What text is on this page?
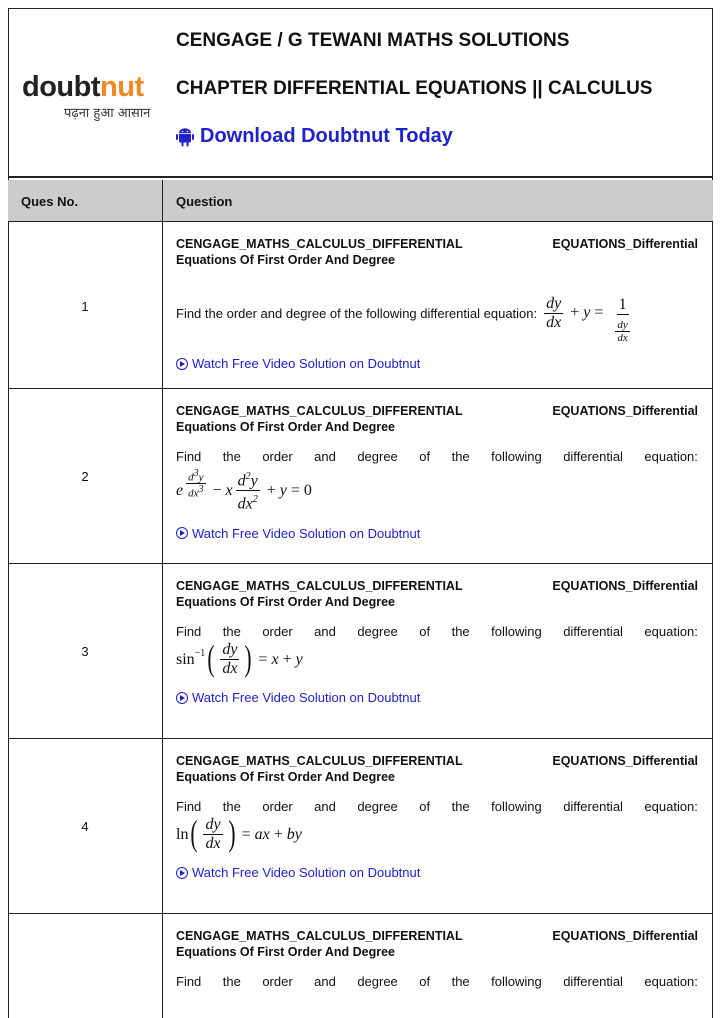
doubtnut
पढ़ना हुआ आसान
CENGAGE / G TEWANI MATHS SOLUTIONS
CHAPTER DIFFERENTIAL EQUATIONS || CALCULUS
Download Doubtnut Today
Ques No.	Question
1
CENGAGE_MATHS_CALCULUS_DIFFERENTIAL	EQUATIONS_Differential
Equations Of First Order And Degree
Find the order and degree of the following differential equation: $\frac{dy}{dx} + y = \frac{1}{\frac{dy}{dx}}$
Watch Free Video Solution on Doubtnut
2
CENGAGE_MATHS_CALCULUS_DIFFERENTIAL	EQUATIONS_Differential
Equations Of First Order And Degree
Find the order and degree of the following differential equation:
e $\frac{d^3y}{dx^3} - x \frac{d^2y}{dx^2} + y = 0$
Watch Free Video Solution on Doubtnut
3
CENGAGE_MATHS_CALCULUS_DIFFERENTIAL	EQUATIONS_Differential
Equations Of First Order And Degree
Find the order and degree of the following differential equation:
$\sin^{-1}$ ( $\frac{dy}{dx}$ ) = x + y
Watch Free Video Solution on Doubtnut
4
CENGAGE_MATHS_CALCULUS_DIFFERENTIAL	EQUATIONS_Differential
Equations Of First Order And Degree
Find the order and degree of the following differential equation:
ln ( $\frac{dy}{dx}$ ) = ax + by
Watch Free Video Solution on Doubtnut
CENGAGE_MATHS_CALCULUS_DIFFERENTIAL	EQUATIONS_Differential
Equations Of First Order And Degree
Find the order and degree of the following differential equation:
